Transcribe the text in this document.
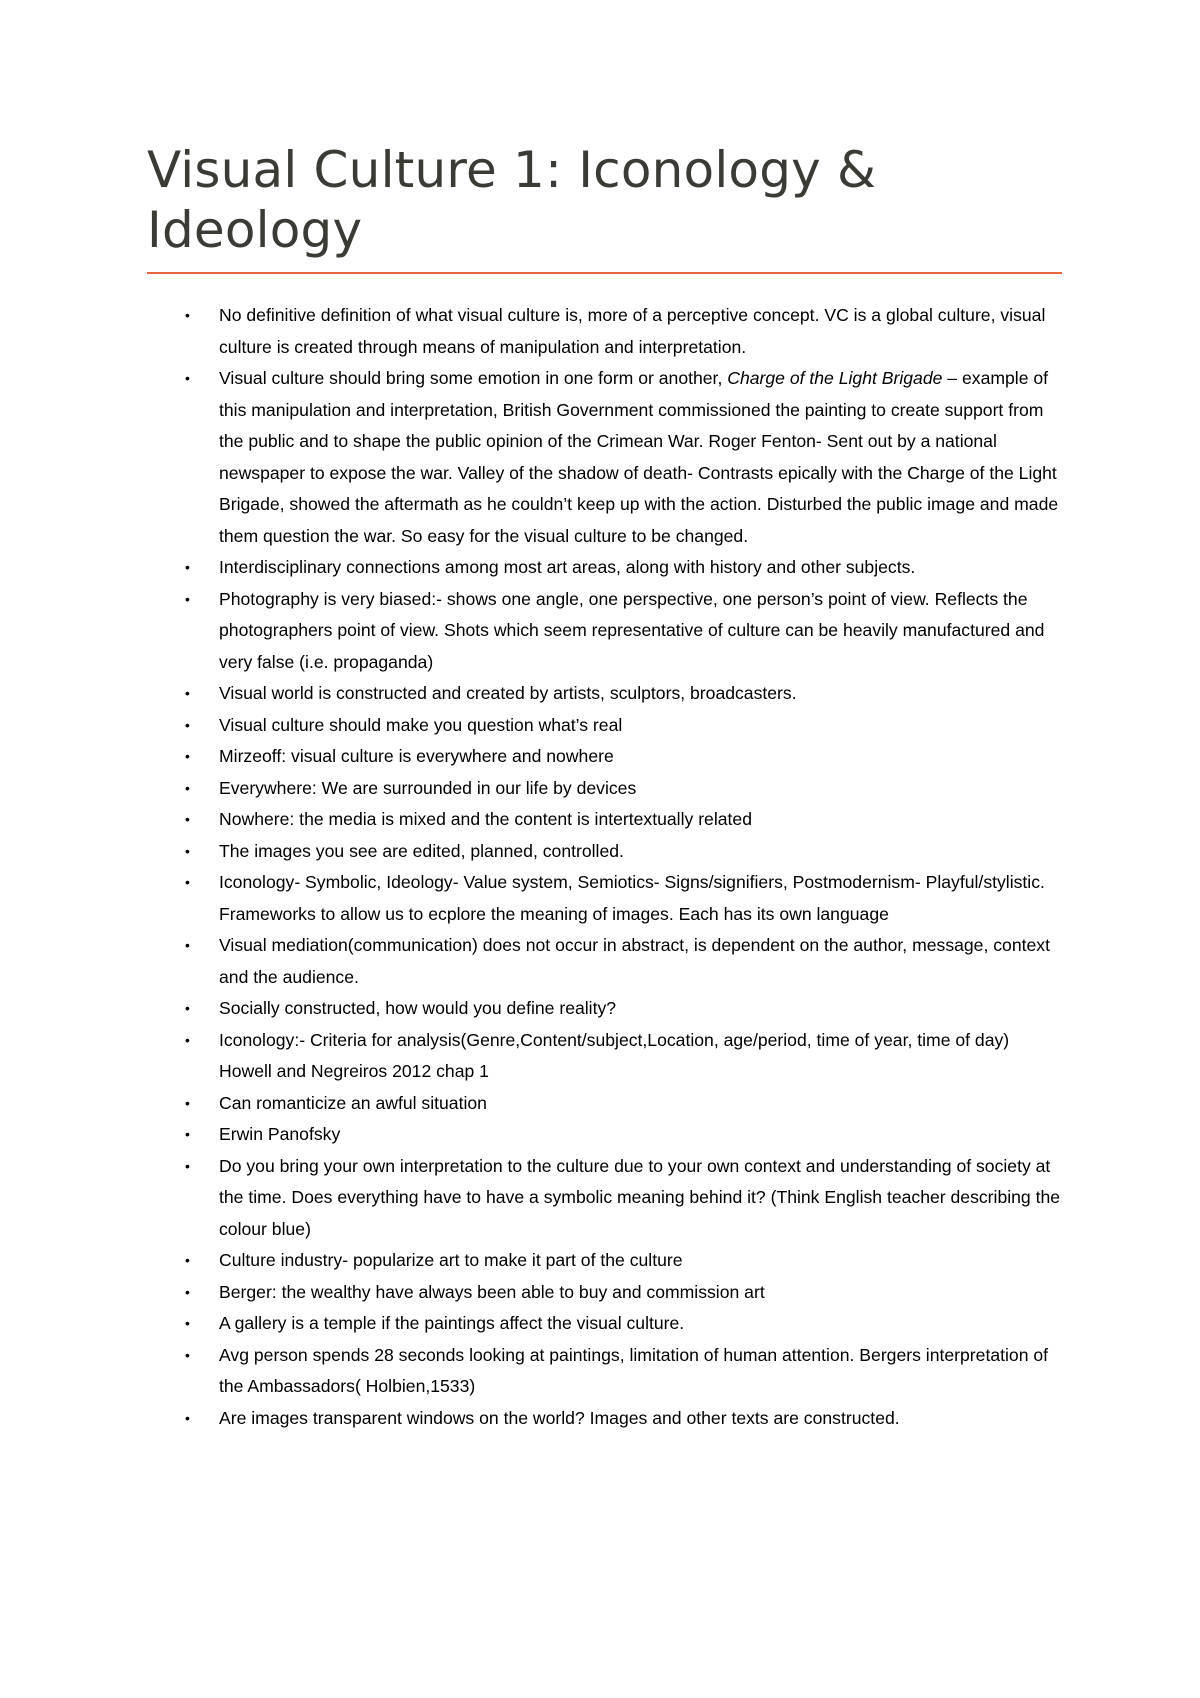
Visual Culture 1: Iconology & Ideology
• No definitive definition of what visual culture is, more of a perceptive concept. VC is a global culture, visual culture is created through means of manipulation and interpretation.
• Visual culture should bring some emotion in one form or another, Charge of the Light Brigade – example of this manipulation and interpretation, British Government commissioned the painting to create support from the public and to shape the public opinion of the Crimean War. Roger Fenton- Sent out by a national newspaper to expose the war. Valley of the shadow of death- Contrasts epically with the Charge of the Light Brigade, showed the aftermath as he couldn’t keep up with the action. Disturbed the public image and made them question the war. So easy for the visual culture to be changed.
• Interdisciplinary connections among most art areas, along with history and other subjects.
• Photography is very biased:- shows one angle, one perspective, one person’s point of view. Reflects the photographers point of view. Shots which seem representative of culture can be heavily manufactured and very false (i.e. propaganda)
• Visual world is constructed and created by artists, sculptors, broadcasters.
• Visual culture should make you question what’s real
• Mirzeoff: visual culture is everywhere and nowhere
• Everywhere: We are surrounded in our life by devices
• Nowhere: the media is mixed and the content is intertextually related
• The images you see are edited, planned, controlled.
• Iconology- Symbolic, Ideology- Value system, Semiotics- Signs/signifiers, Postmodernism- Playful/stylistic. Frameworks to allow us to ecplore the meaning of images. Each has its own language
• Visual mediation(communication) does not occur in abstract, is dependent on the author, message, context and the audience.
• Socially constructed, how would you define reality?
• Iconology:- Criteria for analysis(Genre,Content/subject,Location, age/period, time of year, time of day) Howell and Negreiros 2012 chap 1
• Can romanticize an awful situation
• Erwin Panofsky
• Do you bring your own interpretation to the culture due to your own context and understanding of society at the time. Does everything have to have a symbolic meaning behind it? (Think English teacher describing the colour blue)
• Culture industry- popularize art to make it part of the culture
• Berger: the wealthy have always been able to buy and commission art
• A gallery is a temple if the paintings affect the visual culture.
• Avg person spends 28 seconds looking at paintings, limitation of human attention. Bergers interpretation of the Ambassadors( Holbien,1533)
• Are images transparent windows on the world? Images and other texts are constructed.
